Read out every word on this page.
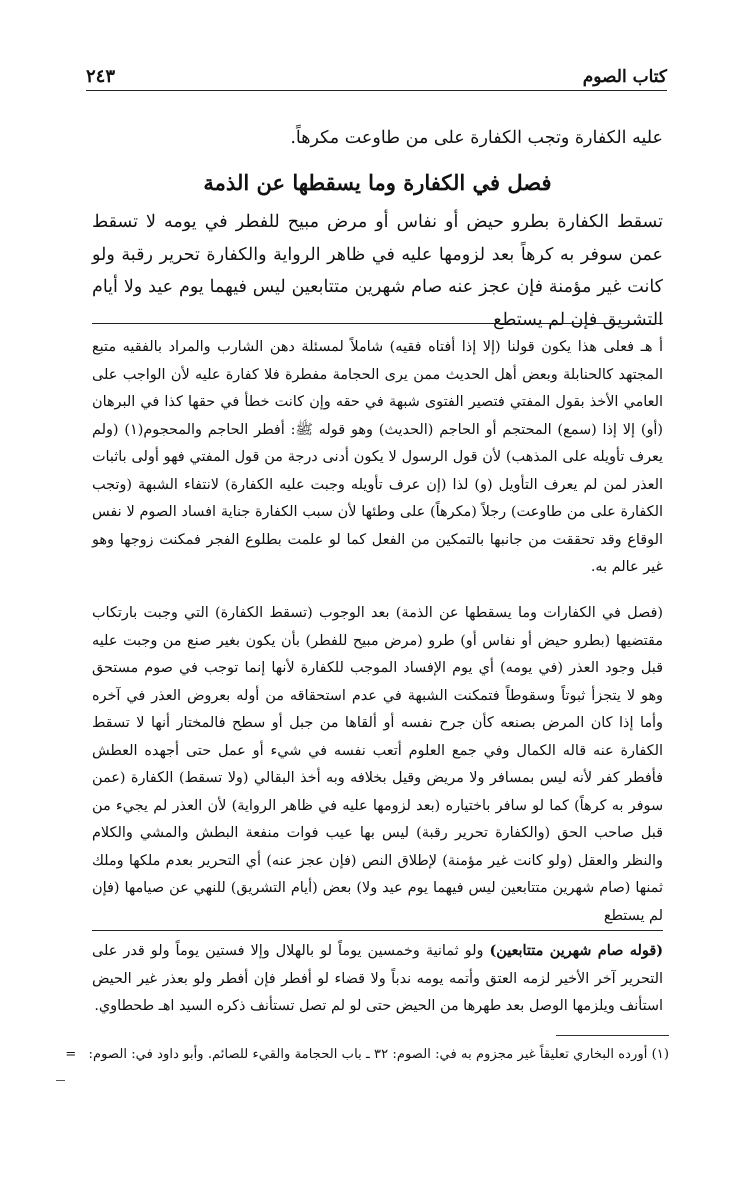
كتاب الصوم
٢٤٣
عليه الكفارة وتجب الكفارة على من طاوعت مكرهاً.
فصل في الكفارة وما يسقطها عن الذمة
تسقط الكفارة بطرو حيض أو نفاس أو مرض مبيح للفطر في يومه لا تسقط عمن سوفر به كرهاً بعد لزومها عليه في ظاهر الرواية والكفارة تحرير رقبة ولو كانت غير مؤمنة فإن عجز عنه صام شهرين متتابعين ليس فيهما يوم عيد ولا أيام التشريق فإن لم يستطع
أ هـ فعلى هذا يكون قولنا (إلا إذا أفتاه فقيه) شاملاً لمسئلة دهن الشارب والمراد بالفقيه متبع المجتهد كالحنابلة وبعض أهل الحديث ممن يرى الحجامة مفطرة فلا كفارة عليه لأن الواجب على العامي الأخذ بقول المفتي فتصير الفتوى شبهة في حقه وإن كانت خطأ في حقها كذا في البرهان (أو) إلا إذا (سمع) المحتجم أو الحاجم (الحديث) وهو قوله ﷺ: أفطر الحاجم والمحجوم(١) (ولم يعرف تأويله على المذهب) لأن قول الرسول لا يكون أدنى درجة من قول المفتي فهو أولى باثبات العذر لمن لم يعرف التأويل (و) لذا (إن عرف تأويله وجبت عليه الكفارة) لانتفاء الشبهة (وتجب الكفارة على من طاوعت) رجلاً (مكرهاً) على وطئها لأن سبب الكفارة جناية افساد الصوم لا نفس الوقاع وقد تحققت من جانبها بالتمكين من الفعل كما لو علمت بطلوع الفجر فمكنت زوجها وهو غير عالم به.
(فصل في الكفارات وما يسقطها عن الذمة) بعد الوجوب (تسقط الكفارة) التي وجبت بارتكاب مقتضيها (بطرو حيض أو نفاس أو) طرو (مرض مبيح للفطر) بأن يكون بغير صنع من وجبت عليه قبل وجود العذر (في يومه) أي يوم الإفساد الموجب للكفارة لأنها إنما توجب في صوم مستحق وهو لا يتجزأ ثبوتاً وسقوطاً فتمكنت الشبهة في عدم استحقاقه من أوله بعروض العذر في آخره وأما إذا كان المرض بصنعه كأن جرح نفسه أو ألقاها من جبل أو سطح فالمختار أنها لا تسقط الكفارة عنه قاله الكمال وفي جمع العلوم أتعب نفسه في شيء أو عمل حتى أجهده العطش فأفطر كفر لأنه ليس بمسافر ولا مريض وقيل بخلافه وبه أخذ البقالي (ولا تسقط) الكفارة (عمن سوفر به كرهاً) كما لو سافر باختياره (بعد لزومها عليه في ظاهر الرواية) لأن العذر لم يجيء من قبل صاحب الحق (والكفارة تحرير رقبة) ليس بها عيب فوات منفعة البطش والمشي والكلام والنظر والعقل (ولو كانت غير مؤمنة) لإطلاق النص (فإن عجز عنه) أي التحرير بعدم ملكها وملك ثمنها (صام شهرين متتابعين ليس فيهما يوم عيد ولا) بعض (أيام التشريق) للنهي عن صيامها (فإن لم يستطع
(قوله صام شهرين متتابعين) ولو ثمانية وخمسين يوماً لو بالهلال وإلا فستين يوماً ولو قدر على التحرير آخر الأخير لزمه العتق وأتمه يومه ندباً ولا قضاء لو أفطر فإن أفطر ولو بعذر غير الحيض استأنف ويلزمها الوصل بعد طهرها من الحيض حتى لو لم تصل تستأنف ذكره السيد اهـ طحطاوي.
(١) أورده البخاري تعليقاً غير مجزوم به في: الصوم: ٣٢ ـ باب الحجامة والقيء للصائم. وأبو داود في: الصوم: =
